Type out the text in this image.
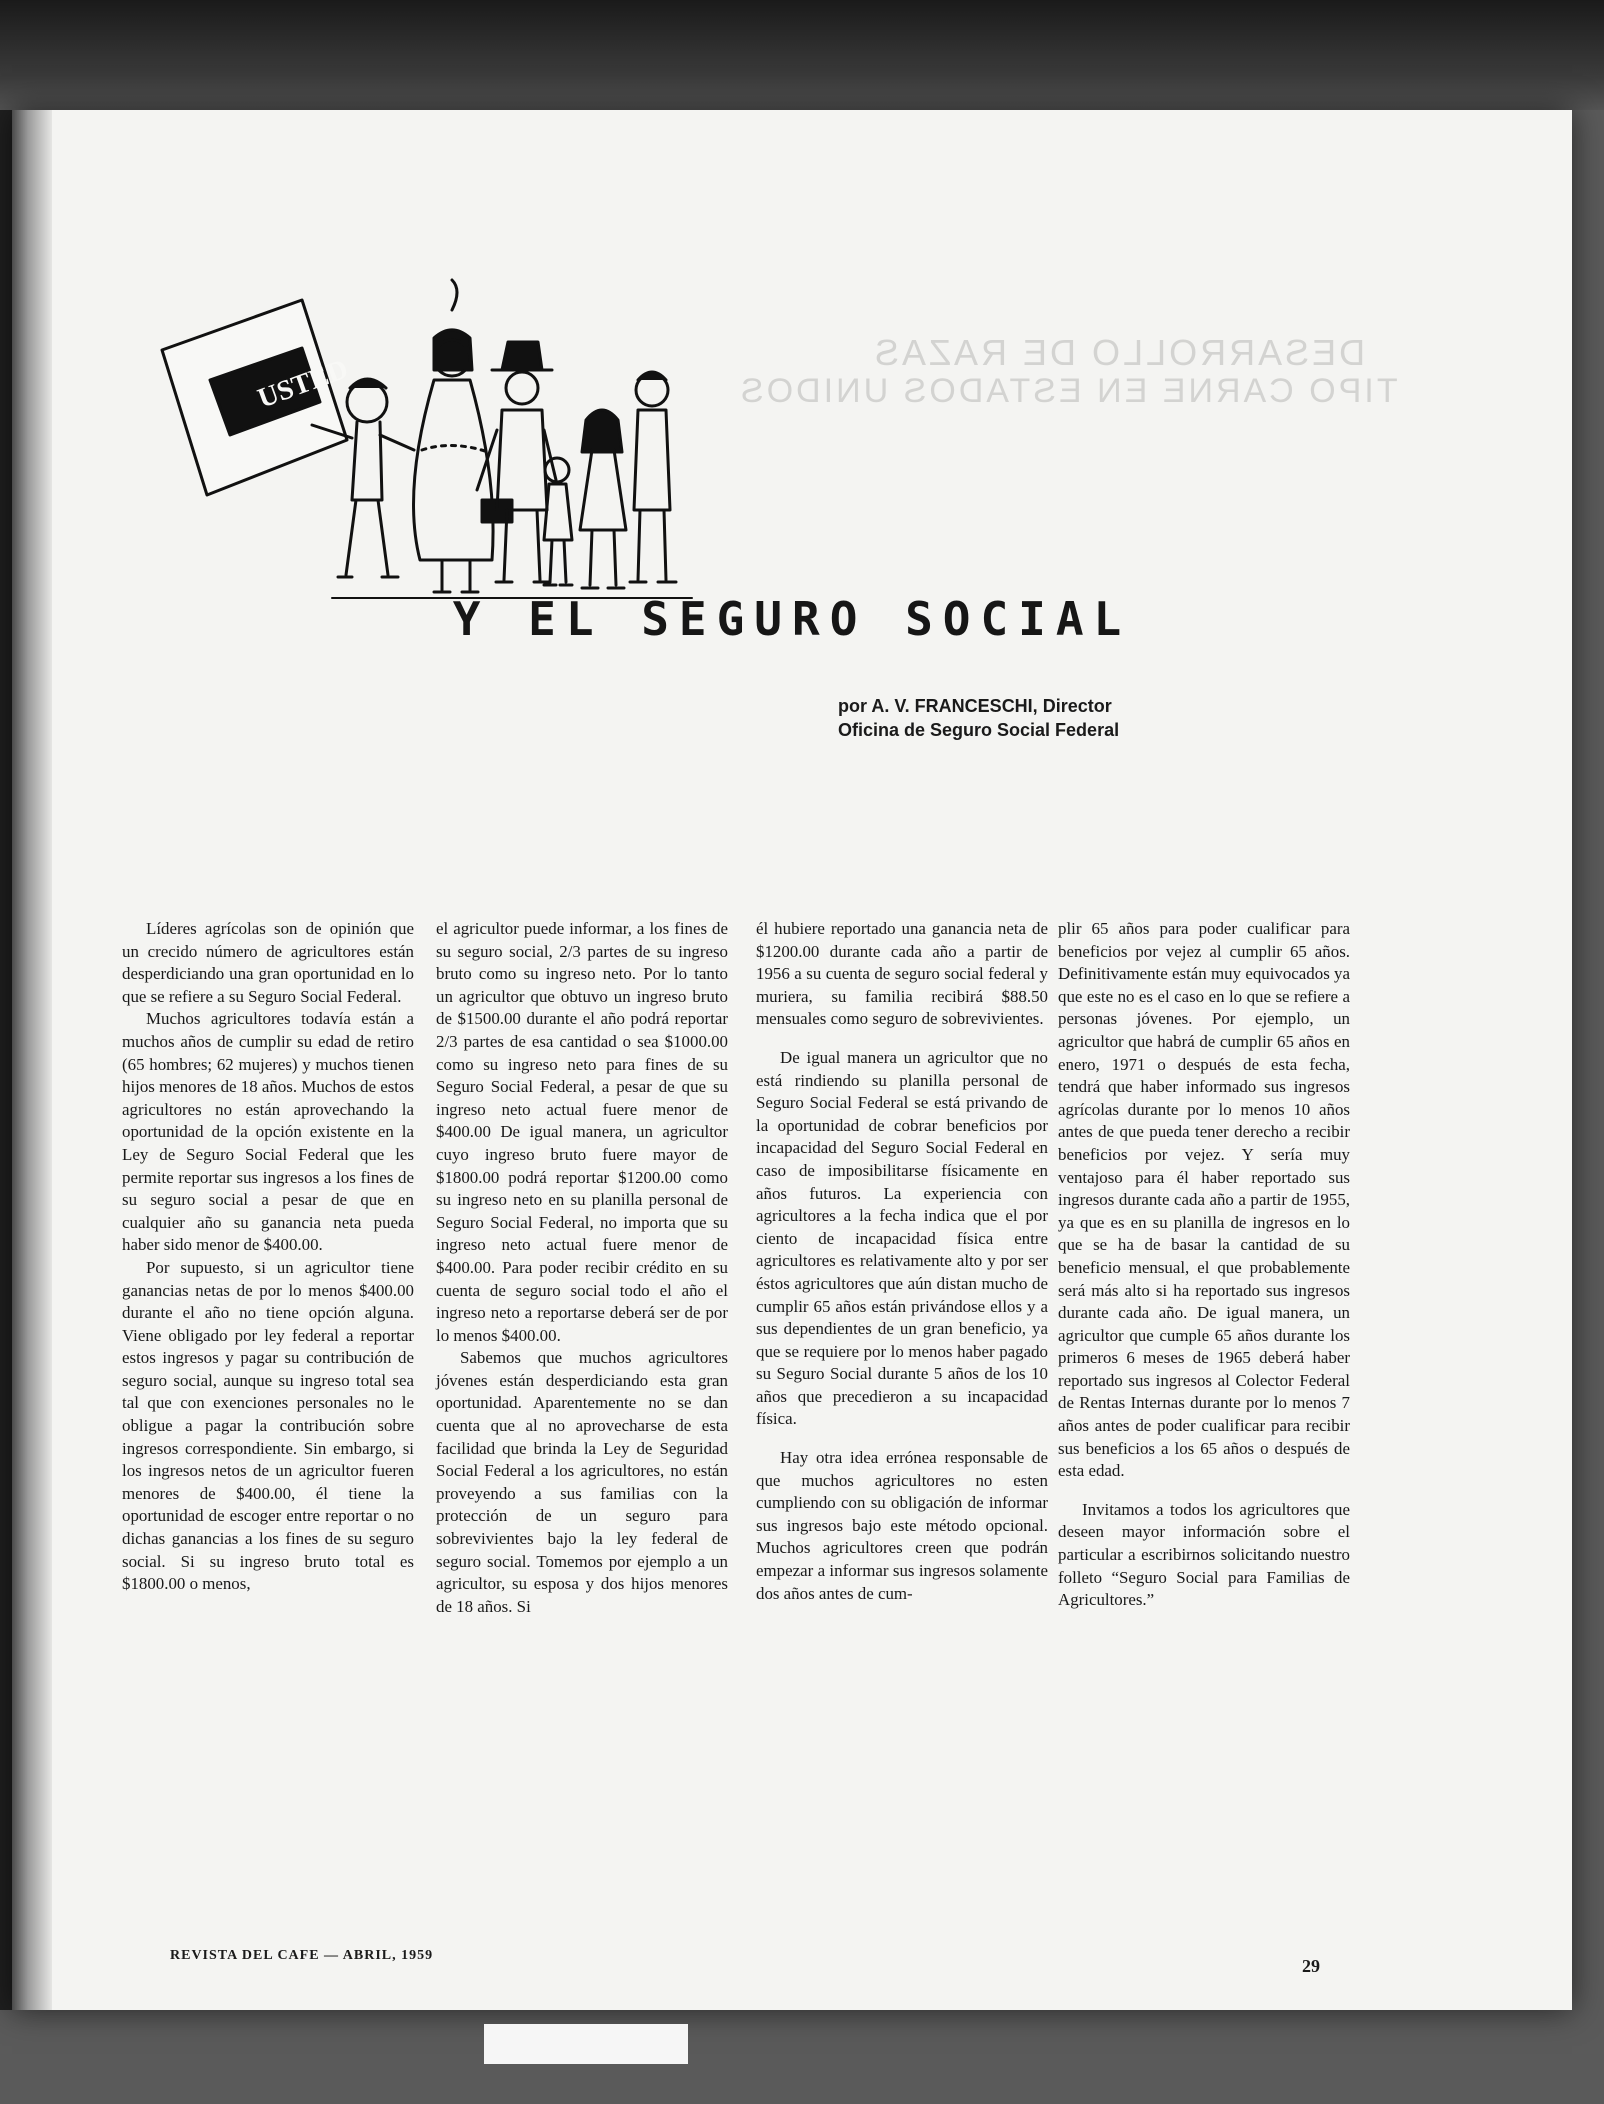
DESARROLLO DE RAZAS
TIPO CARNE EN ESTADOS UNIDOS
USTED
Y EL SEGURO SOCIAL
por A. V. FRANCESCHI, Director
Oficina de Seguro Social Federal

Líderes agrícolas son de opinión que un crecido número de agricultores están desperdiciando una gran oportunidad en lo que se refiere a su Seguro Social Federal.

Muchos agricultores todavía están a muchos años de cumplir su edad de retiro (65 hombres; 62 mujeres) y muchos tienen hijos menores de 18 años. Muchos de estos agricultores no están aprovechando la oportunidad de la opción existente en la Ley de Seguro Social Federal que les permite reportar sus ingresos a los fines de su seguro social a pesar de que en cualquier año su ganancia neta pueda haber sido menor de $400.00.

Por supuesto, si un agricultor tiene ganancias netas de por lo menos $400.00 durante el año no tiene opción alguna. Viene obligado por ley federal a reportar estos ingresos y pagar su contribución de seguro social, aunque su ingreso total sea tal que con exenciones personales no le obligue a pagar la contribución sobre ingresos correspondiente. Sin embargo, si los ingresos netos de un agricultor fueren menores de $400.00, él tiene la oportunidad de escoger entre reportar o no dichas ganancias a los fines de su seguro social. Si su ingreso bruto total es $1800.00 o menos,

el agricultor puede informar, a los fines de su seguro social, 2/3 partes de su ingreso bruto como su ingreso neto. Por lo tanto un agricultor que obtuvo un ingreso bruto de $1500.00 durante el año podrá reportar 2/3 partes de esa cantidad o sea $1000.00 como su ingreso neto para fines de su Seguro Social Federal, a pesar de que su ingreso neto actual fuere menor de $400.00 De igual manera, un agricultor cuyo ingreso bruto fuere mayor de $1800.00 podrá reportar $1200.00 como su ingreso neto en su planilla personal de Seguro Social Federal, no importa que su ingreso neto actual fuere menor de $400.00. Para poder recibir crédito en su cuenta de seguro social todo el año el ingreso neto a reportarse deberá ser de por lo menos $400.00.

Sabemos que muchos agricultores jóvenes están desperdiciando esta gran oportunidad. Aparentemente no se dan cuenta que al no aprovecharse de esta facilidad que brinda la Ley de Seguridad Social Federal a los agricultores, no están proveyendo a sus familias con la protección de un seguro para sobrevivientes bajo la ley federal de seguro social. Tomemos por ejemplo a un agricultor, su esposa y dos hijos menores de 18 años. Si

él hubiere reportado una ganancia neta de $1200.00 durante cada año a partir de 1956 a su cuenta de seguro social federal y muriera, su familia recibirá $88.50 mensuales como seguro de sobrevivientes.

De igual manera un agricultor que no está rindiendo su planilla personal de Seguro Social Federal se está privando de la oportunidad de cobrar beneficios por incapacidad del Seguro Social Federal en caso de imposibilitarse físicamente en años futuros. La experiencia con agricultores a la fecha indica que el por ciento de incapacidad física entre agricultores es relativamente alto y por ser éstos agricultores que aún distan mucho de cumplir 65 años están privándose ellos y a sus dependientes de un gran beneficio, ya que se requiere por lo menos haber pagado su Seguro Social durante 5 años de los 10 años que precedieron a su incapacidad física.

Hay otra idea errónea responsable de que muchos agricultores no esten cumpliendo con su obligación de informar sus ingresos bajo este método opcional. Muchos agricultores creen que podrán empezar a informar sus ingresos solamente dos años antes de cum-

plir 65 años para poder cualificar para beneficios por vejez al cumplir 65 años. Definitivamente están muy equivocados ya que este no es el caso en lo que se refiere a personas jóvenes. Por ejemplo, un agricultor que habrá de cumplir 65 años en enero, 1971 o después de esta fecha, tendrá que haber informado sus ingresos agrícolas durante por lo menos 10 años antes de que pueda tener derecho a recibir beneficios por vejez. Y sería muy ventajoso para él haber reportado sus ingresos durante cada año a partir de 1955, ya que es en su planilla de ingresos en lo que se ha de basar la cantidad de su beneficio mensual, el que probablemente será más alto si ha reportado sus ingresos durante cada año. De igual manera, un agricultor que cumple 65 años durante los primeros 6 meses de 1965 deberá haber reportado sus ingresos al Colector Federal de Rentas Internas durante por lo menos 7 años antes de poder cualificar para recibir sus beneficios a los 65 años o después de esta edad.

Invitamos a todos los agricultores que deseen mayor información sobre el particular a escribirnos solicitando nuestro folleto “Seguro Social para Familias de Agricultores.”

REVISTA DEL CAFE — ABRIL, 1959
29
